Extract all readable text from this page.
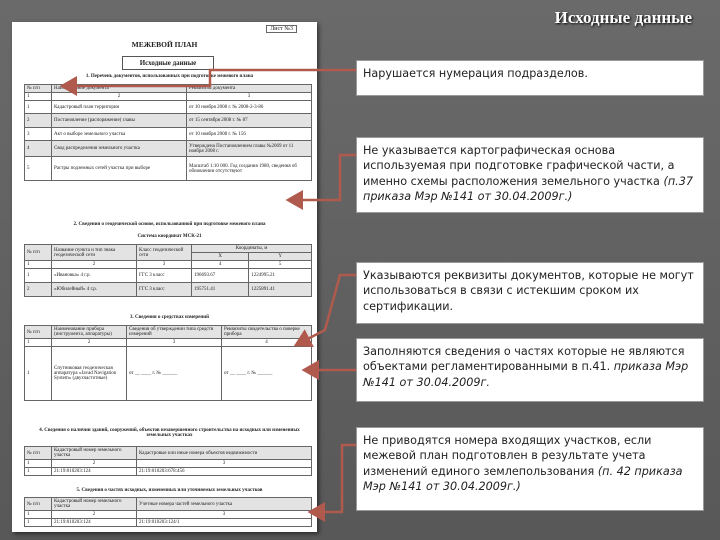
Исходные данные
Лист №3
МЕЖЕВОЙ ПЛАН
Исходные данные
1. Перечень документов, использованных при подготовке межевого плана
№ п/п	Наименование документа	Реквизиты документа
1	2	3
1	Кадастровый план территории	от 10 ноября 2008 г. № 2008-2-3-86
2	Постановление (распоряжение) главы	от 15 сентября 2008 г. № 87
3	Акт о выборе земельного участка	от 10 ноября 2008 г. № 156
4	Свод распределения земельного участка	Утверждена Постановлением главы №2069 от 11 ноября 2008 г.
5	Растры подземных сетей участка при выборе	Масштаб 1:10 000. Год создания 1980, сведения об обновлении отсутствуют
2. Сведения о геодезической основе, использованной при подготовке межевого плана
Система координат МСК-21
№ п/п	Название пункта и тип знака геодезической сети	Класс геодезической сети	Координаты, м	
			X	Y
1	2	3	4	5
1	«Ивановка» 4 г.р.	ГГС 3 класс	196693.67	1224995.21
2	«Юбилейный» 4 г.р.	ГГС 3 класс	195751.41	1225891.41
3. Сведения о средствах измерений
№ п/п	Наименование прибора (инструмента, аппаратуры)	Сведения об утверждении типа средств измерений	Реквизиты свидетельства о поверке прибора
1	2	3	4
1	Спутниковая геодезическая аппаратура «Javad Navigation System» (двухчастотные)	от __ ____ г. № ______	от __ ____ г. № ______
4. Сведения о наличии зданий, сооружений, объектов незавершенного строительства на исходных или измененных земельных участках
№ п/п	Кадастровый номер земельного участка	Кадастровые или иные номера объектов недвижимости
1	2	3
1	21:19:010203:124	21:19:010203:678:456
5. Сведения о частях исходных, измененных или уточняемых земельных участков
№ п/п	Кадастровый номер земельного участка	Учетные номера частей земельного участка
1	2	3
1	21:19:010203:124	21:19:010203:124/1
Нарушается нумерация подразделов.
Не указывается картографическая основа используемая при подготовке графической части, а именно схемы расположения земельного участка (п.37 приказа Мэр №141 от 30.04.2009г.)
Указываются реквизиты документов, которые не могут использоваться в связи с истекшим сроком их сертификации.
Заполняются сведения о частях которые не являются объектами регламентированными в п.41. приказа Мэр №141 от 30.04.2009г.
Не приводятся номера входящих участков, если межевой план подготовлен в результате учета изменений единого землепользования (п. 42 приказа Мэр №141 от 30.04.2009г.)
